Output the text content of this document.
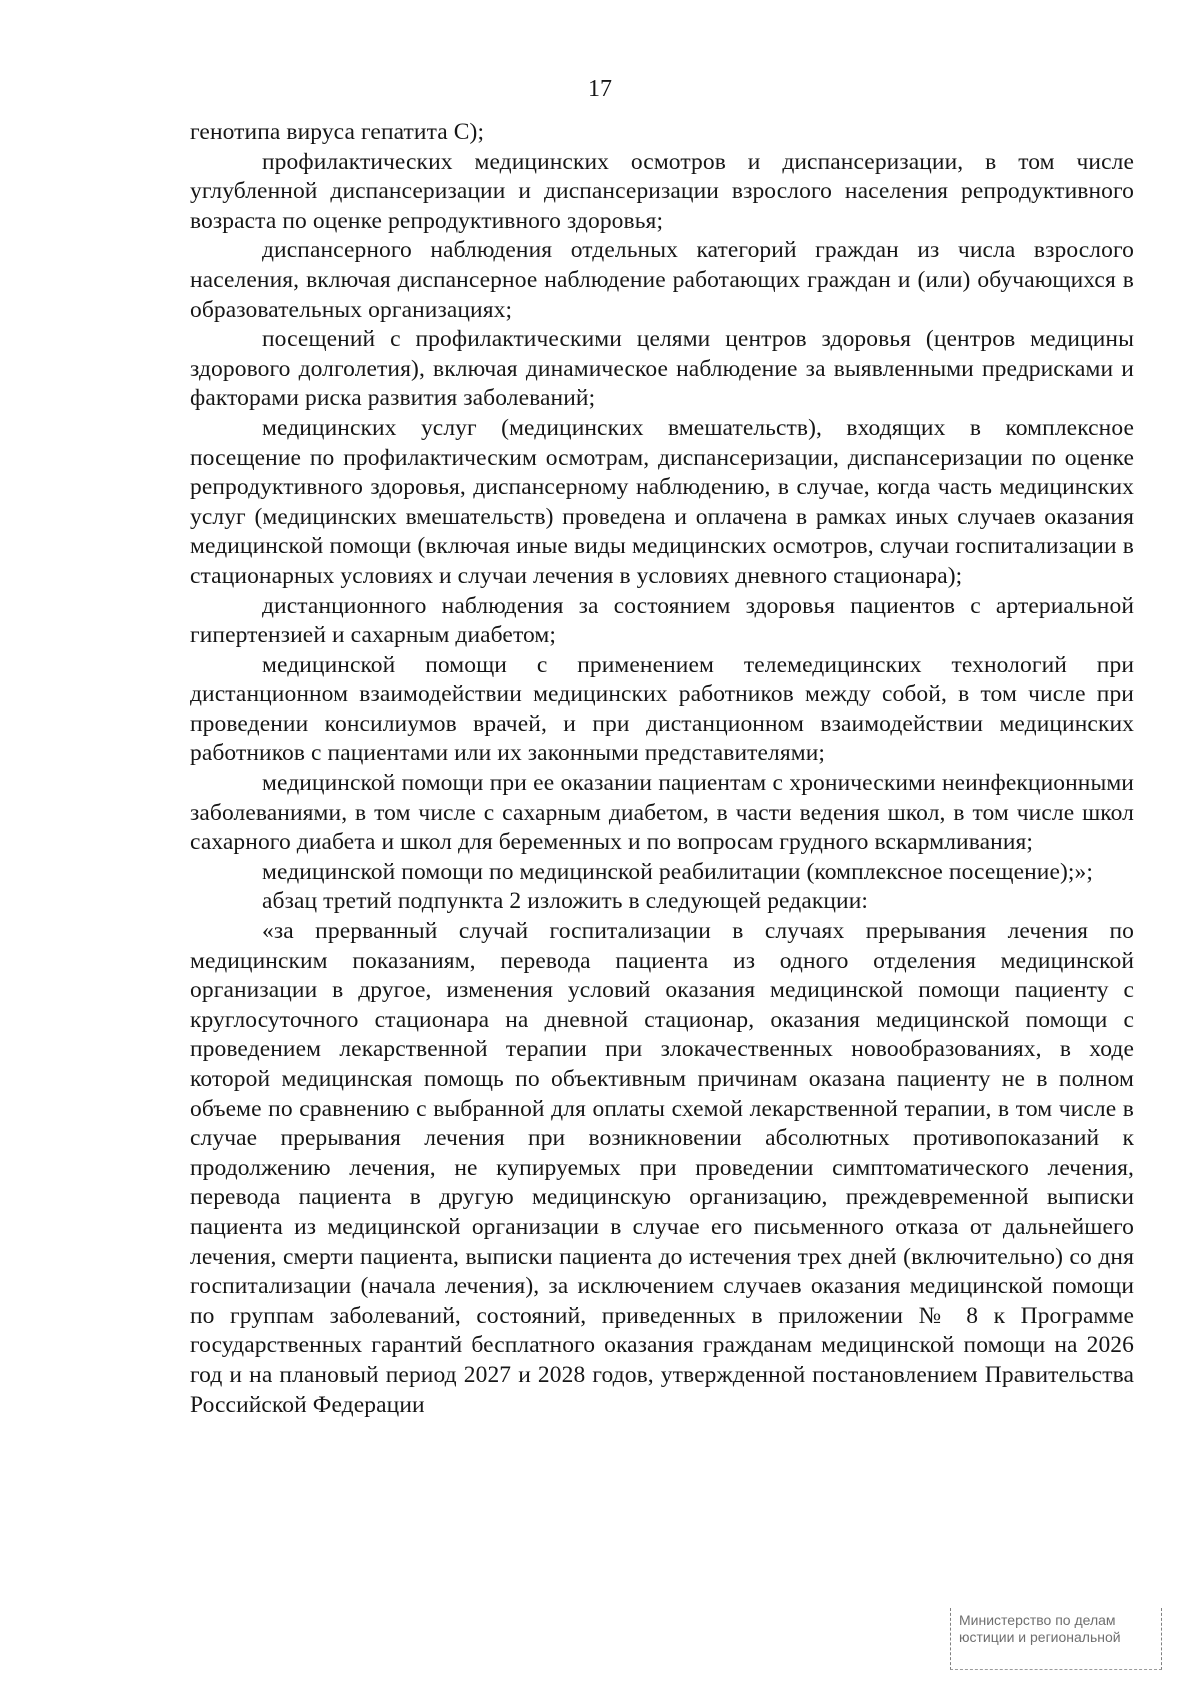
17

генотипа вируса гепатита С);

профилактических медицинских осмотров и диспансеризации, в том числе углубленной диспансеризации и диспансеризации взрослого населения репродуктивного возраста по оценке репродуктивного здоровья;

диспансерного наблюдения отдельных категорий граждан из числа взрослого населения, включая диспансерное наблюдение работающих граждан и (или) обучающихся в образовательных организациях;

посещений с профилактическими целями центров здоровья (центров медицины здорового долголетия), включая динамическое наблюдение за выявленными предрисками и факторами риска развития заболеваний;

медицинских услуг (медицинских вмешательств), входящих в комплексное посещение по профилактическим осмотрам, диспансеризации, диспансеризации по оценке репродуктивного здоровья, диспансерному наблюдению, в случае, когда часть медицинских услуг (медицинских вмешательств) проведена и оплачена в рамках иных случаев оказания медицинской помощи (включая иные виды медицинских осмотров, случаи госпитализации в стационарных условиях и случаи лечения в условиях дневного стационара);

дистанционного наблюдения за состоянием здоровья пациентов с артериальной гипертензией и сахарным диабетом;

медицинской помощи с применением телемедицинских технологий при дистанционном взаимодействии медицинских работников между собой, в том числе при проведении консилиумов врачей, и при дистанционном взаимодействии медицинских работников с пациентами или их законными представителями;

медицинской помощи при ее оказании пациентам с хроническими неинфекционными заболеваниями, в том числе с сахарным диабетом, в части ведения школ, в том числе школ сахарного диабета и школ для беременных и по вопросам грудного вскармливания;

медицинской помощи по медицинской реабилитации (комплексное посещение);»;

абзац третий подпункта 2 изложить в следующей редакции:

«за прерванный случай госпитализации в случаях прерывания лечения по медицинским показаниям, перевода пациента из одного отделения медицинской организации в другое, изменения условий оказания медицинской помощи пациенту с круглосуточного стационара на дневной стационар, оказания медицинской помощи с проведением лекарственной терапии при злокачественных новообразованиях, в ходе которой медицинская помощь по объективным причинам оказана пациенту не в полном объеме по сравнению с выбранной для оплаты схемой лекарственной терапии, в том числе в случае прерывания лечения при возникновении абсолютных противопоказаний к продолжению лечения, не купируемых при проведении симптоматического лечения, перевода пациента в другую медицинскую организацию, преждевременной выписки пациента из медицинской организации в случае его письменного отказа от дальнейшего лечения, смерти пациента, выписки пациента до истечения трех дней (включительно) со дня госпитализации (начала лечения), за исключением случаев оказания медицинской помощи по группам заболеваний, состояний, приведенных в приложении № 8 к Программе государственных гарантий бесплатного оказания гражданам медицинской помощи на 2026 год и на плановый период 2027 и 2028 годов, утвержденной постановлением Правительства Российской Федерации

Министерство по делам
юстиции и региональной
